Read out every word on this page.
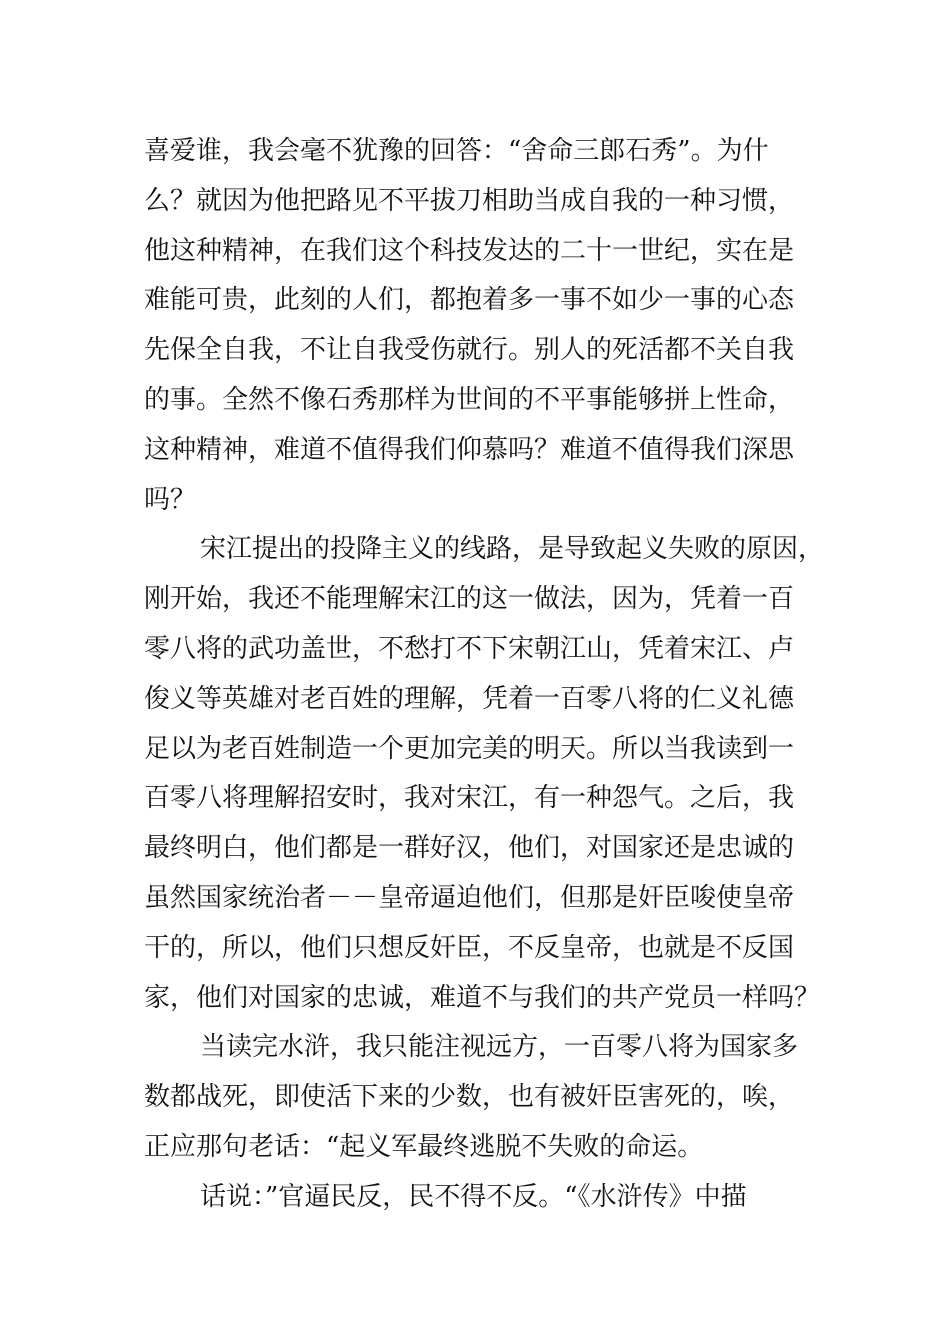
喜爱谁，我会毫不犹豫的回答：“舍命三郎石秀”。为什
么？就因为他把路见不平拔刀相助当成自我的一种习惯，
他这种精神，在我们这个科技发达的二十一世纪，实在是
难能可贵，此刻的人们，都抱着多一事不如少一事的心态
先保全自我，不让自我受伤就行。别人的死活都不关自我
的事。全然不像石秀那样为世间的不平事能够拼上性命，
这种精神，难道不值得我们仰慕吗？难道不值得我们深思
吗？
宋江提出的投降主义的线路，是导致起义失败的原因，
刚开始，我还不能理解宋江的这一做法，因为，凭着一百
零八将的武功盖世，不愁打不下宋朝江山，凭着宋江、卢
俊义等英雄对老百姓的理解，凭着一百零八将的仁义礼德
足以为老百姓制造一个更加完美的明天。所以当我读到一
百零八将理解招安时，我对宋江，有一种怨气。之后，我
最终明白，他们都是一群好汉，他们，对国家还是忠诚的
虽然国家统治者－－皇帝逼迫他们，但那是奸臣唆使皇帝
干的，所以，他们只想反奸臣，不反皇帝，也就是不反国
家，他们对国家的忠诚，难道不与我们的共产党员一样吗？
当读完水浒，我只能注视远方，一百零八将为国家多
数都战死，即使活下来的少数，也有被奸臣害死的，唉，
正应那句老话：“起义军最终逃脱不失败的命运。
话说：”官逼民反，民不得不反。“《水浒传》中描
